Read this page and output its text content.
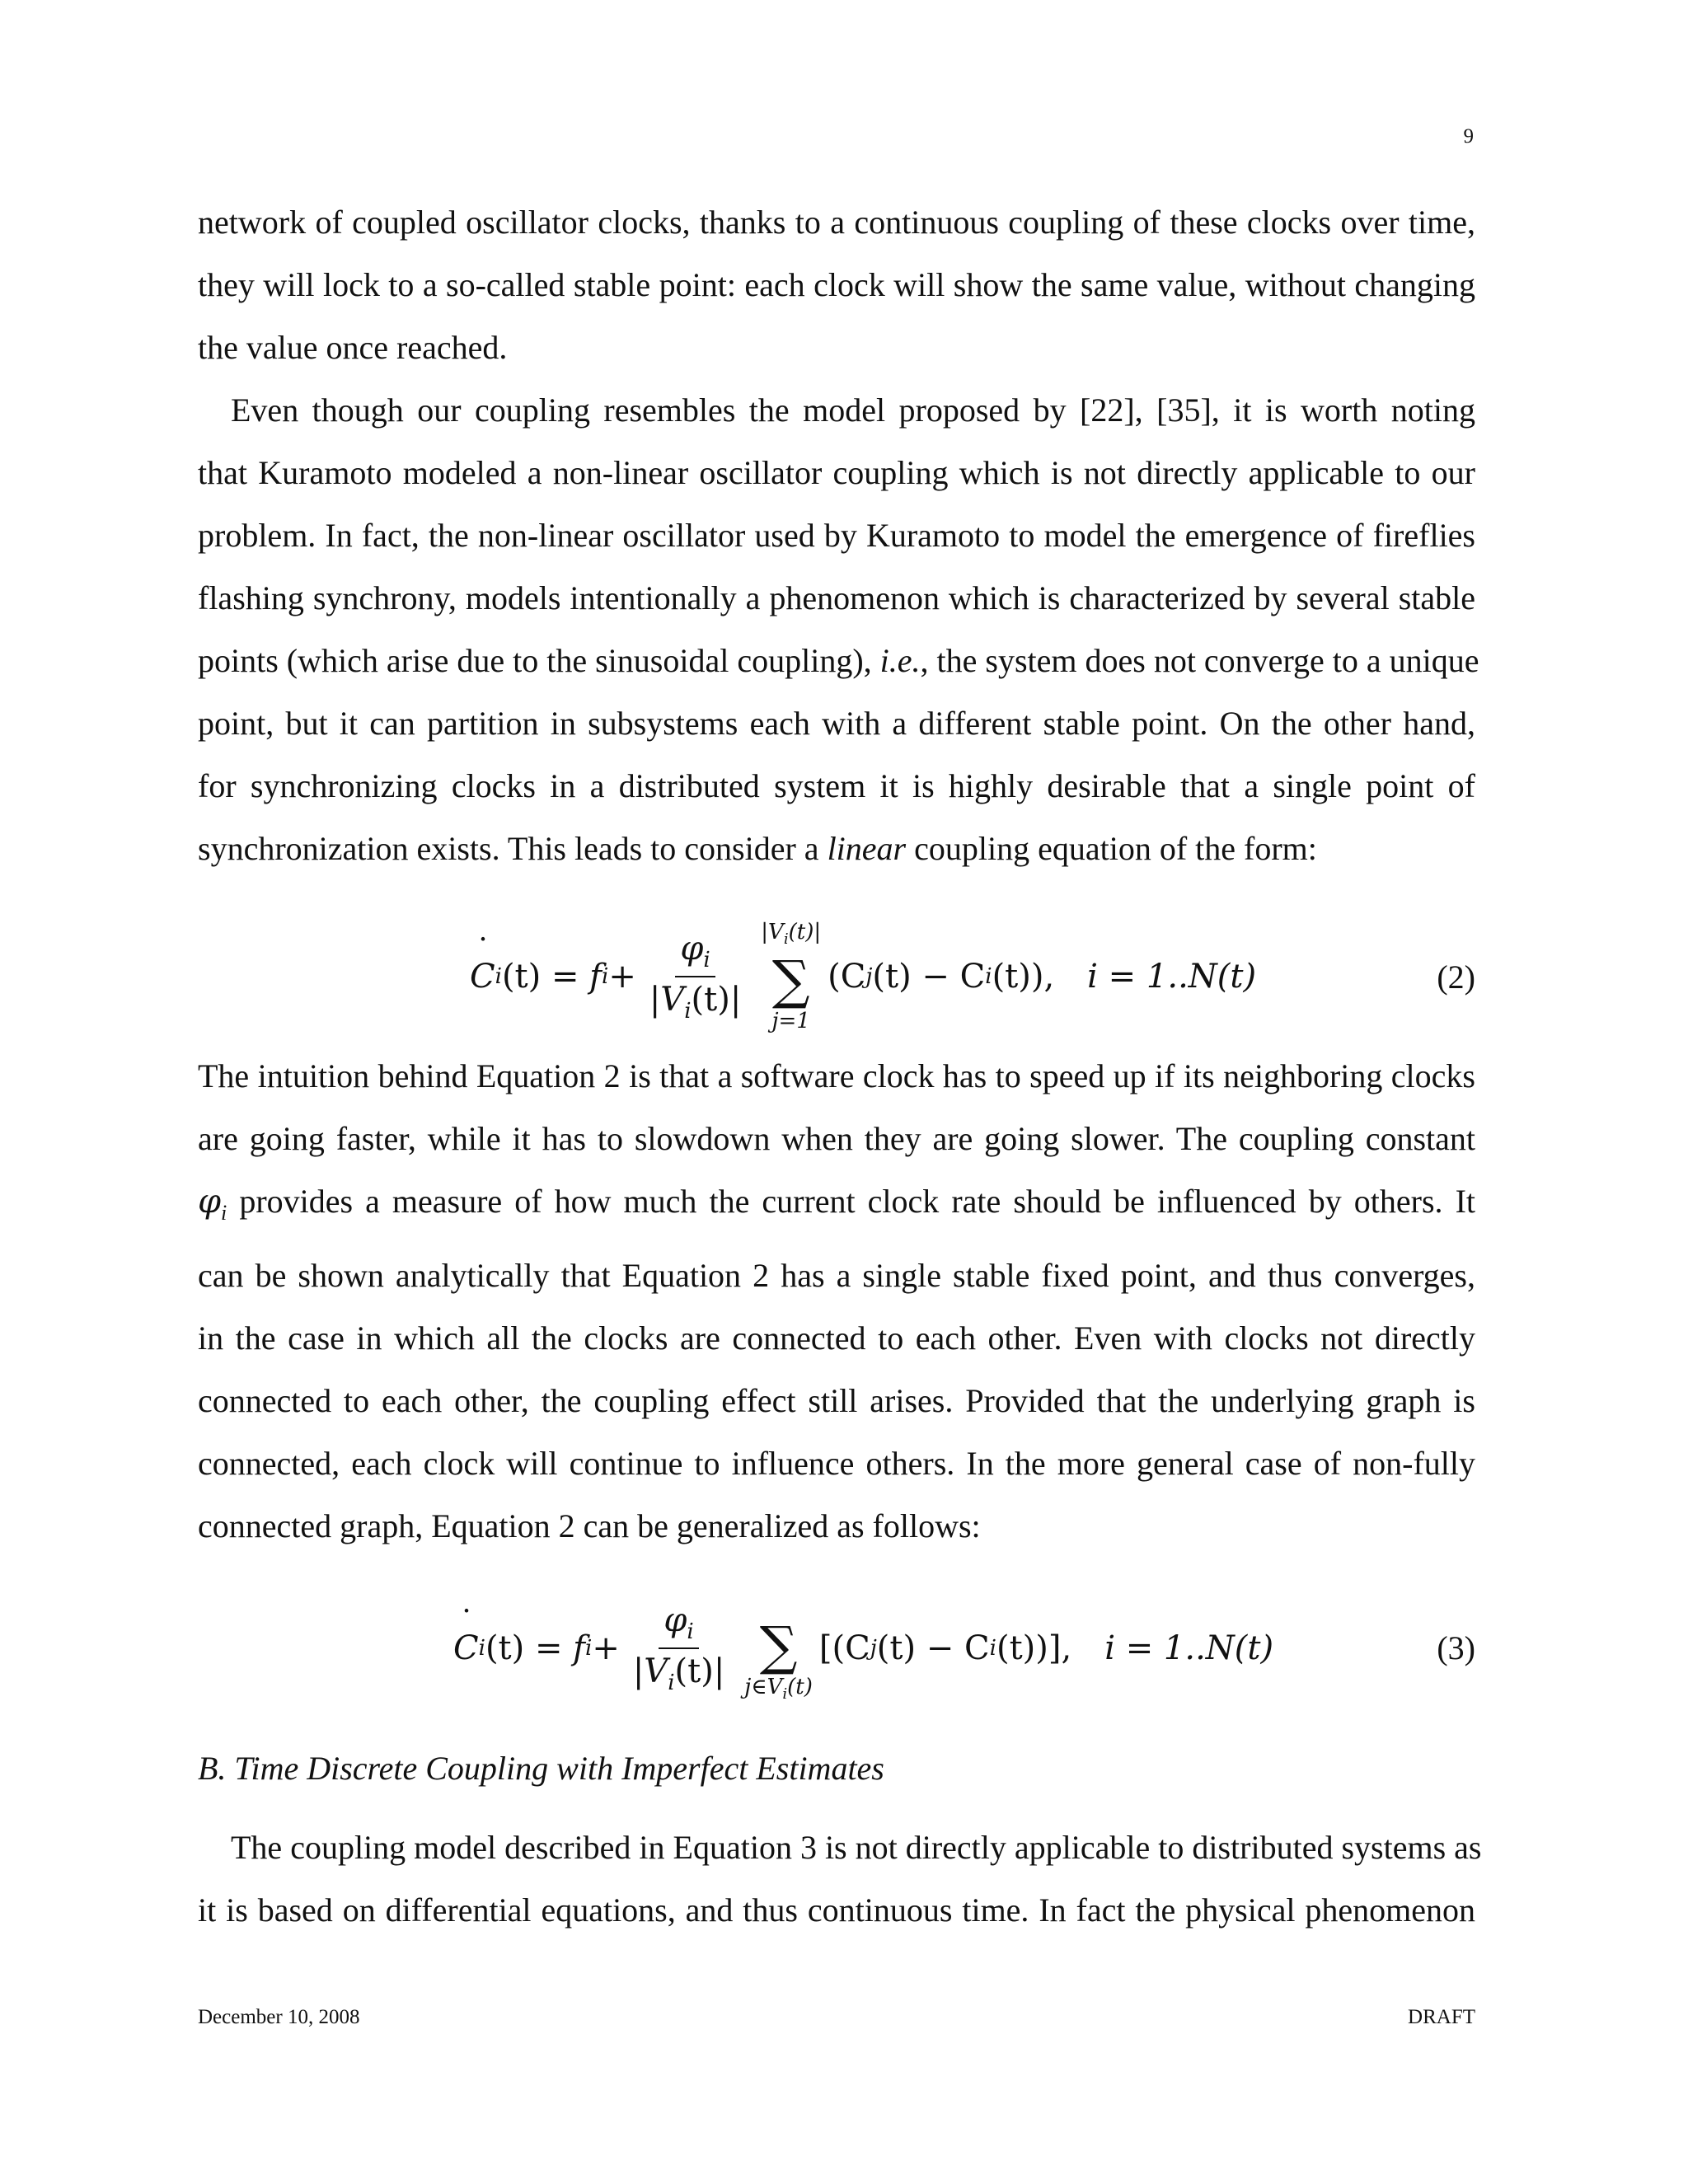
9

network of coupled oscillator clocks, thanks to a continuous coupling of these clocks over time,
they will lock to a so-called stable point: each clock will show the same value, without changing
the value once reached.

Even though our coupling resembles the model proposed by [22], [35], it is worth noting
that Kuramoto modeled a non-linear oscillator coupling which is not directly applicable to our
problem. In fact, the non-linear oscillator used by Kuramoto to model the emergence of fireflies
flashing synchrony, models intentionally a phenomenon which is characterized by several stable
points (which arise due to the sinusoidal coupling), i.e., the system does not converge to a unique
point, but it can partition in subsystems each with a different stable point. On the other hand,
for synchronizing clocks in a distributed system it is highly desirable that a single point of
synchronization exists. This leads to consider a linear coupling equation of the form:

˙ C i (t) =
f $i + \frac{\varphi_i}{|V_i(t)|} |V_i(t)|$
∑
j=1
(C j (t) − C i (t)), i = 1..N(t)	(2)

The intuition behind Equation 2 is that a software clock has to speed up if its neighboring clocks
are going faster, while it has to slowdown when they are going slower. The coupling constant
$\varphi_i$ provides a measure of how much the current clock rate should be influenced by others. It
can be shown analytically that Equation 2 has a single stable fixed point, and thus converges,
in the case in which all the clocks are connected to each other. Even with clocks not directly
connected to each other, the coupling effect still arises. Provided that the underlying graph is
connected, each clock will continue to influence others. In the more general case of non-fully
connected graph, Equation 2 can be generalized as follows:

˙ C i (t) =
f $i + \frac{\varphi_i}{|V_i(t)|}$ ∑
$j\in V_i(t)$
[(C j (t) − C i (t))], i = 1..N(t)	(3)
B. Time Discrete Coupling with Imperfect Estimates

The coupling model described in Equation 3 is not directly applicable to distributed systems as
it is based on differential equations, and thus continuous time. In fact the physical phenomenon

December 10, 2008	DRAFT
